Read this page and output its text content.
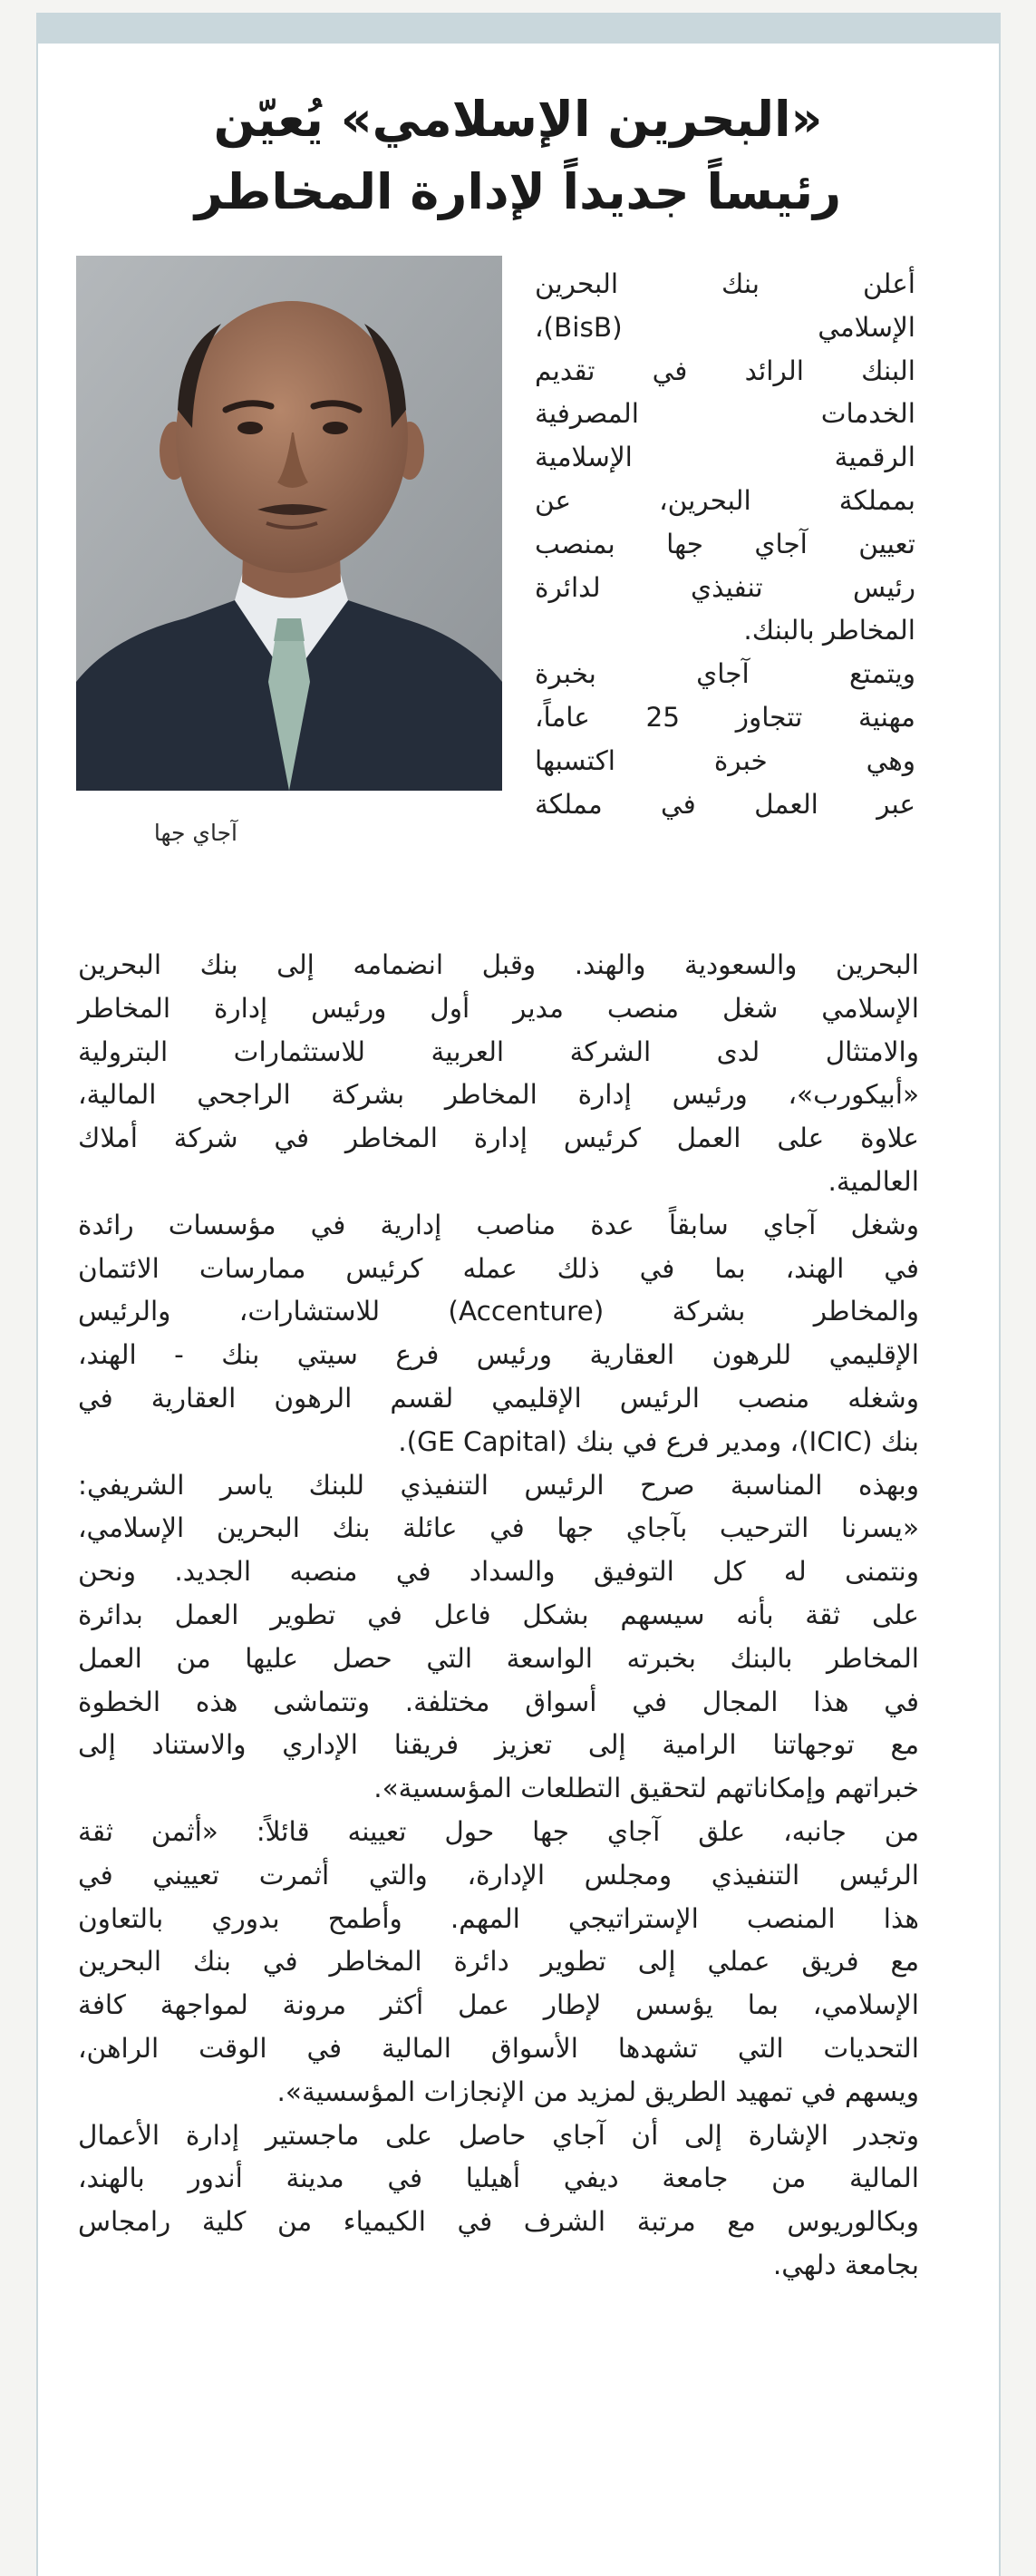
«البحرين الإسلامي» يُعيّن
رئيساً جديداً لإدارة المخاطر
آجاي جها
أعلن بنك البحرين
الإسلامي (BisB)،
البنك الرائد في تقديم
الخدمات المصرفية
الرقمية الإسلامية
بمملكة البحرين، عن
تعيين آجاي جها بمنصب
رئيس تنفيذي لدائرة
المخاطر بالبنك.
ويتمتع آجاي بخبرة
مهنية تتجاوز 25 عاماً،
وهي خبرة اكتسبها
عبر العمل في مملكة
البحرين والسعودية والهند. وقبل انضمامه إلى بنك البحرين
الإسلامي شغل منصب مدير أول ورئيس إدارة المخاطر
والامتثال لدى الشركة العربية للاستثمارات البترولية
«أبيكورب»، ورئيس إدارة المخاطر بشركة الراجحي المالية،
علاوة على العمل كرئيس إدارة المخاطر في شركة أملاك
العالمية.
وشغل آجاي سابقاً عدة مناصب إدارية في مؤسسات رائدة
في الهند، بما في ذلك عمله كرئيس ممارسات الائتمان
والمخاطر بشركة (Accenture) للاستشارات، والرئيس
الإقليمي للرهون العقارية ورئيس فرع سيتي بنك - الهند،
وشغله منصب الرئيس الإقليمي لقسم الرهون العقارية في
بنك (ICIC)، ومدير فرع في بنك (GE Capital).
وبهذه المناسبة صرح الرئيس التنفيذي للبنك ياسر الشريفي:
«يسرنا الترحيب بآجاي جها في عائلة بنك البحرين الإسلامي،
ونتمنى له كل التوفيق والسداد في منصبه الجديد. ونحن
على ثقة بأنه سيسهم بشكل فاعل في تطوير العمل بدائرة
المخاطر بالبنك بخبرته الواسعة التي حصل عليها من العمل
في هذا المجال في أسواق مختلفة. وتتماشى هذه الخطوة
مع توجهاتنا الرامية إلى تعزيز فريقنا الإداري والاستناد إلى
خبراتهم وإمكاناتهم لتحقيق التطلعات المؤسسية».
من جانبه، علق آجاي جها حول تعيينه قائلاً: «أثمن ثقة
الرئيس التنفيذي ومجلس الإدارة، والتي أثمرت تعييني في
هذا المنصب الإستراتيجي المهم. وأطمح بدوري بالتعاون
مع فريق عملي إلى تطوير دائرة المخاطر في بنك البحرين
الإسلامي، بما يؤسس لإطار عمل أكثر مرونة لمواجهة كافة
التحديات التي تشهدها الأسواق المالية في الوقت الراهن،
ويسهم في تمهيد الطريق لمزيد من الإنجازات المؤسسية».
وتجدر الإشارة إلى أن آجاي حاصل على ماجستير إدارة الأعمال
المالية من جامعة ديفي أهيليا في مدينة أندور بالهند،
وبكالوريوس مع مرتبة الشرف في الكيمياء من كلية رامجاس
بجامعة دلهي.
